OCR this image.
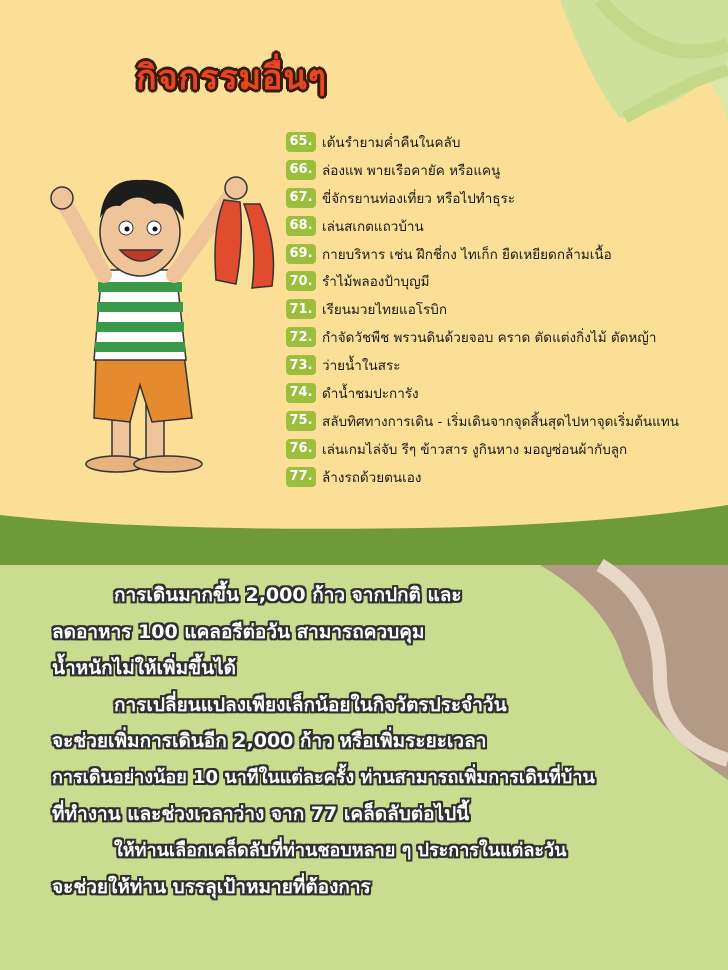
กิจกรรมอื่นๆ
65. เต้นรำยามค่ำคืนในคลับ
66. ล่องแพ พายเรือคายัค หรือแคนู
67. ขี่จักรยานท่องเที่ยว หรือไปทำธุระ
68. เล่นสเกตแถวบ้าน
69. กายบริหาร เช่น ฝึกชี่กง ไทเก็ก ยืดเหยียดกล้ามเนื้อ
70. รำไม้พลองป้าบุญมี
71. เรียนมวยไทยแอโรบิก
72. กำจัดวัชพืช พรวนดินด้วยจอบ คราด ตัดแต่งกิ่งไม้ ตัดหญ้า
73. ว่ายน้ำในสระ
74. ดำน้ำชมปะการัง
75. สลับทิศทางการเดิน - เริ่มเดินจากจุดสิ้นสุดไปหาจุดเริ่มต้นแทน
76. เล่นเกมไล่จับ รีๆ ข้าวสาร งูกินหาง มอญซ่อนผ้ากับลูก
77. ล้างรถด้วยตนเอง
การเดินมากขึ้น 2,000 ก้าว จากปกติ และ
ลดอาหาร 100 แคลอรีต่อวัน สามารถควบคุม
น้ำหนักไม่ให้เพิ่มขึ้นได้
การเปลี่ยนแปลงเพียงเล็กน้อยในกิจวัตรประจำวัน
จะช่วยเพิ่มการเดินอีก 2,000 ก้าว หรือเพิ่มระยะเวลา
การเดินอย่างน้อย 10 นาทีในแต่ละครั้ง ท่านสามารถเพิ่มการเดินที่บ้าน
ที่ทำงาน และช่วงเวลาว่าง จาก 77 เคล็ดลับต่อไปนี้
ให้ท่านเลือกเคล็ดลับที่ท่านชอบหลาย ๆ ประการในแต่ละวัน
จะช่วยให้ท่าน บรรลุเป้าหมายที่ต้องการ
